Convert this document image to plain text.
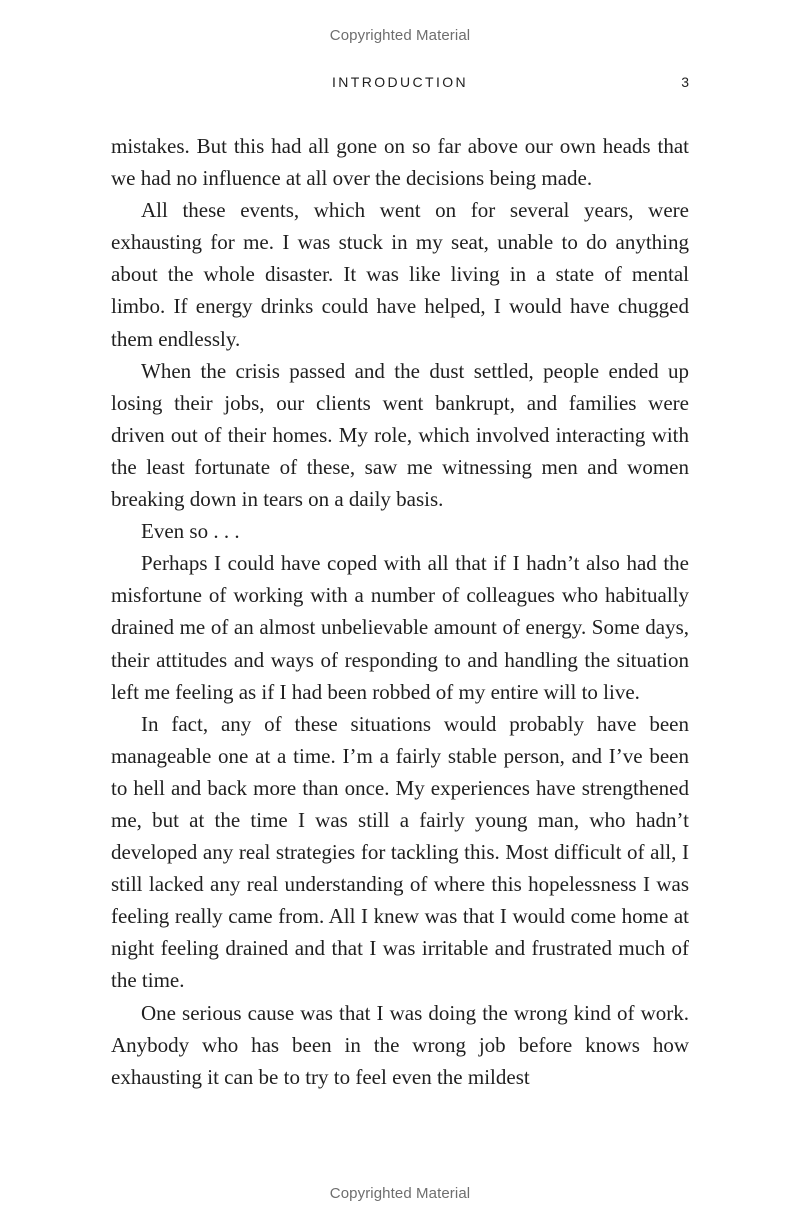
Copyrighted Material
INTRODUCTION	3

mistakes. But this had all gone on so far above our own heads that we had no influence at all over the decisions being made.

All these events, which went on for several years, were exhausting for me. I was stuck in my seat, unable to do anything about the whole disaster. It was like living in a state of mental limbo. If energy drinks could have helped, I would have chugged them endlessly.

When the crisis passed and the dust settled, people ended up losing their jobs, our clients went bankrupt, and families were driven out of their homes. My role, which involved interacting with the least fortunate of these, saw me witnessing men and women breaking down in tears on a daily basis.

Even so . . .

Perhaps I could have coped with all that if I hadn’t also had the misfortune of working with a number of colleagues who habitually drained me of an almost unbelievable amount of energy. Some days, their attitudes and ways of responding to and handling the situation left me feeling as if I had been robbed of my entire will to live.

In fact, any of these situations would probably have been manageable one at a time. I’m a fairly stable person, and I’ve been to hell and back more than once. My experiences have strengthened me, but at the time I was still a fairly young man, who hadn’t developed any real strategies for tackling this. Most difficult of all, I still lacked any real understanding of where this hopelessness I was feeling really came from. All I knew was that I would come home at night feeling drained and that I was irritable and frustrated much of the time.

One serious cause was that I was doing the wrong kind of work. Anybody who has been in the wrong job before knows how exhausting it can be to try to feel even the mildest

Copyrighted Material
